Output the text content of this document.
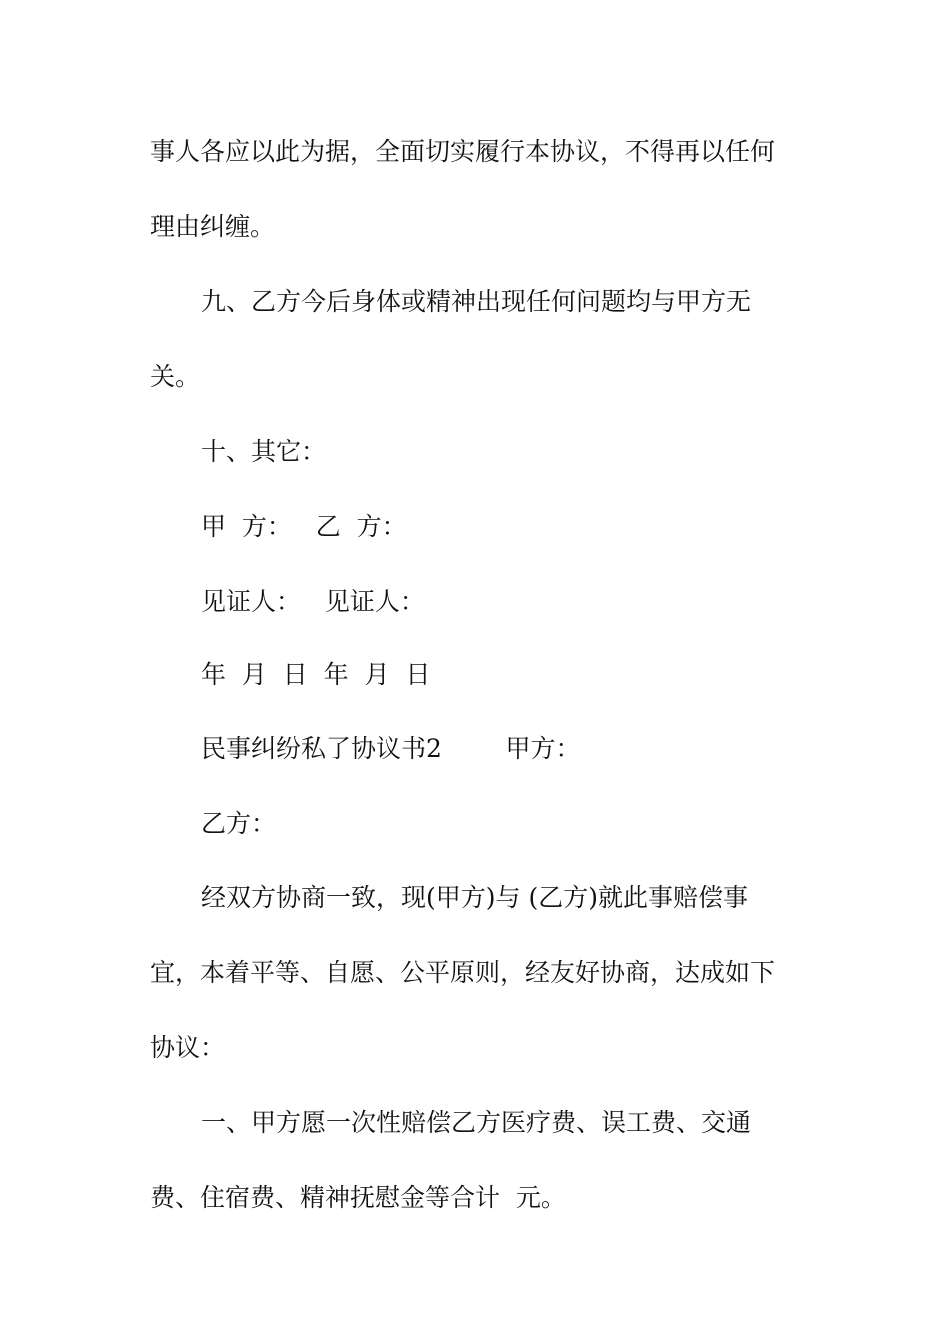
事人各应以此为据，全面切实履行本协议，不得再以任何

理由纠缠。

九、乙方今后身体或精神出现任何问题均与甲方无

关。

十、其它：

甲  方：   乙  方：

见证人：   见证人：

年  月  日  年  月  日

民事纠纷私了协议书2        甲方：

乙方：

经双方协商一致，现(甲方)与 (乙方)就此事赔偿事

宜，本着平等、自愿、公平原则，经友好协商，达成如下

协议：

一、甲方愿一次性赔偿乙方医疗费、误工费、交通

费、住宿费、精神抚慰金等合计  元。
